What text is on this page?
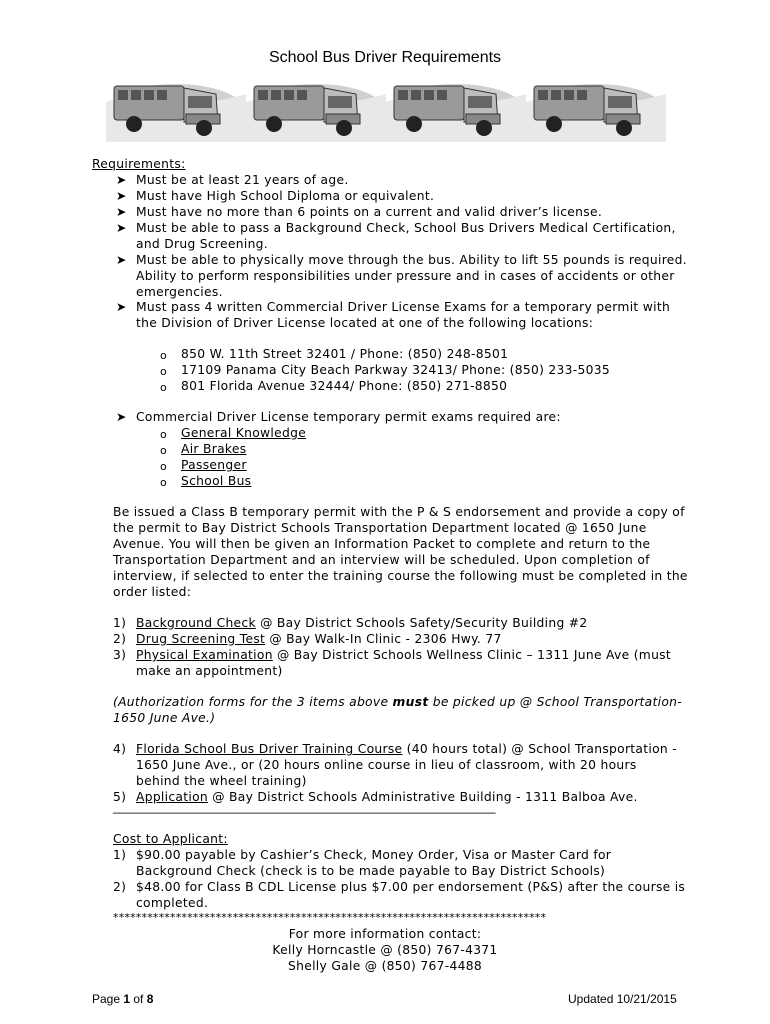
School Bus Driver Requirements
Requirements:
➤ Must be at least 21 years of age.
➤ Must have High School Diploma or equivalent.
➤ Must have no more than 6 points on a current and valid driver’s license.
➤ Must be able to pass a Background Check, School Bus Drivers Medical Certification,
and Drug Screening.
➤ Must be able to physically move through the bus. Ability to lift 55 pounds is required.
Ability to perform responsibilities under pressure and in cases of accidents or other
emergencies.
➤ Must pass 4 written Commercial Driver License Exams for a temporary permit with
the Division of Driver License located at one of the following locations:
o 850 W. 11th Street 32401 / Phone: (850) 248-8501
o 17109 Panama City Beach Parkway 32413/ Phone: (850) 233-5035
o 801 Florida Avenue 32444/ Phone: (850) 271-8850
➤ Commercial Driver License temporary permit exams required are:
o General Knowledge
o Air Brakes
o Passenger
o School Bus
Be issued a Class B temporary permit with the P & S endorsement and provide a copy of
the permit to Bay District Schools Transportation Department located @ 1650 June
Avenue. You will then be given an Information Packet to complete and return to the
Transportation Department and an interview will be scheduled. Upon completion of
interview, if selected to enter the training course the following must be completed in the
order listed:
1) Background Check @ Bay District Schools Safety/Security Building #2
2) Drug Screening Test @ Bay Walk-In Clinic - 2306 Hwy. 77
3) Physical Examination @ Bay District Schools Wellness Clinic – 1311 June Ave (must
make an appointment)
(Authorization forms for the 3 items above must be picked up @ School Transportation-
1650 June Ave.)
4) Florida School Bus Driver Training Course (40 hours total) @ School Transportation -
1650 June Ave., or (20 hours online course in lieu of classroom, with 20 hours
behind the wheel training)
5) Application @ Bay District Schools Administrative Building - 1311 Balboa Ave.
__________________________________________________________________
Cost to Applicant:
1) $90.00 payable by Cashier’s Check, Money Order, Visa or Master Card for
Background Check (check is to be made payable to Bay District Schools)
2) $48.00 for Class B CDL License plus $7.00 per endorsement (P&S) after the course is
completed.
****************************************************************************
For more information contact:
Kelly Horncastle @ (850) 767-4371
Shelly Gale @ (850) 767-4488
Page 1 of 8	Updated 10/21/2015
